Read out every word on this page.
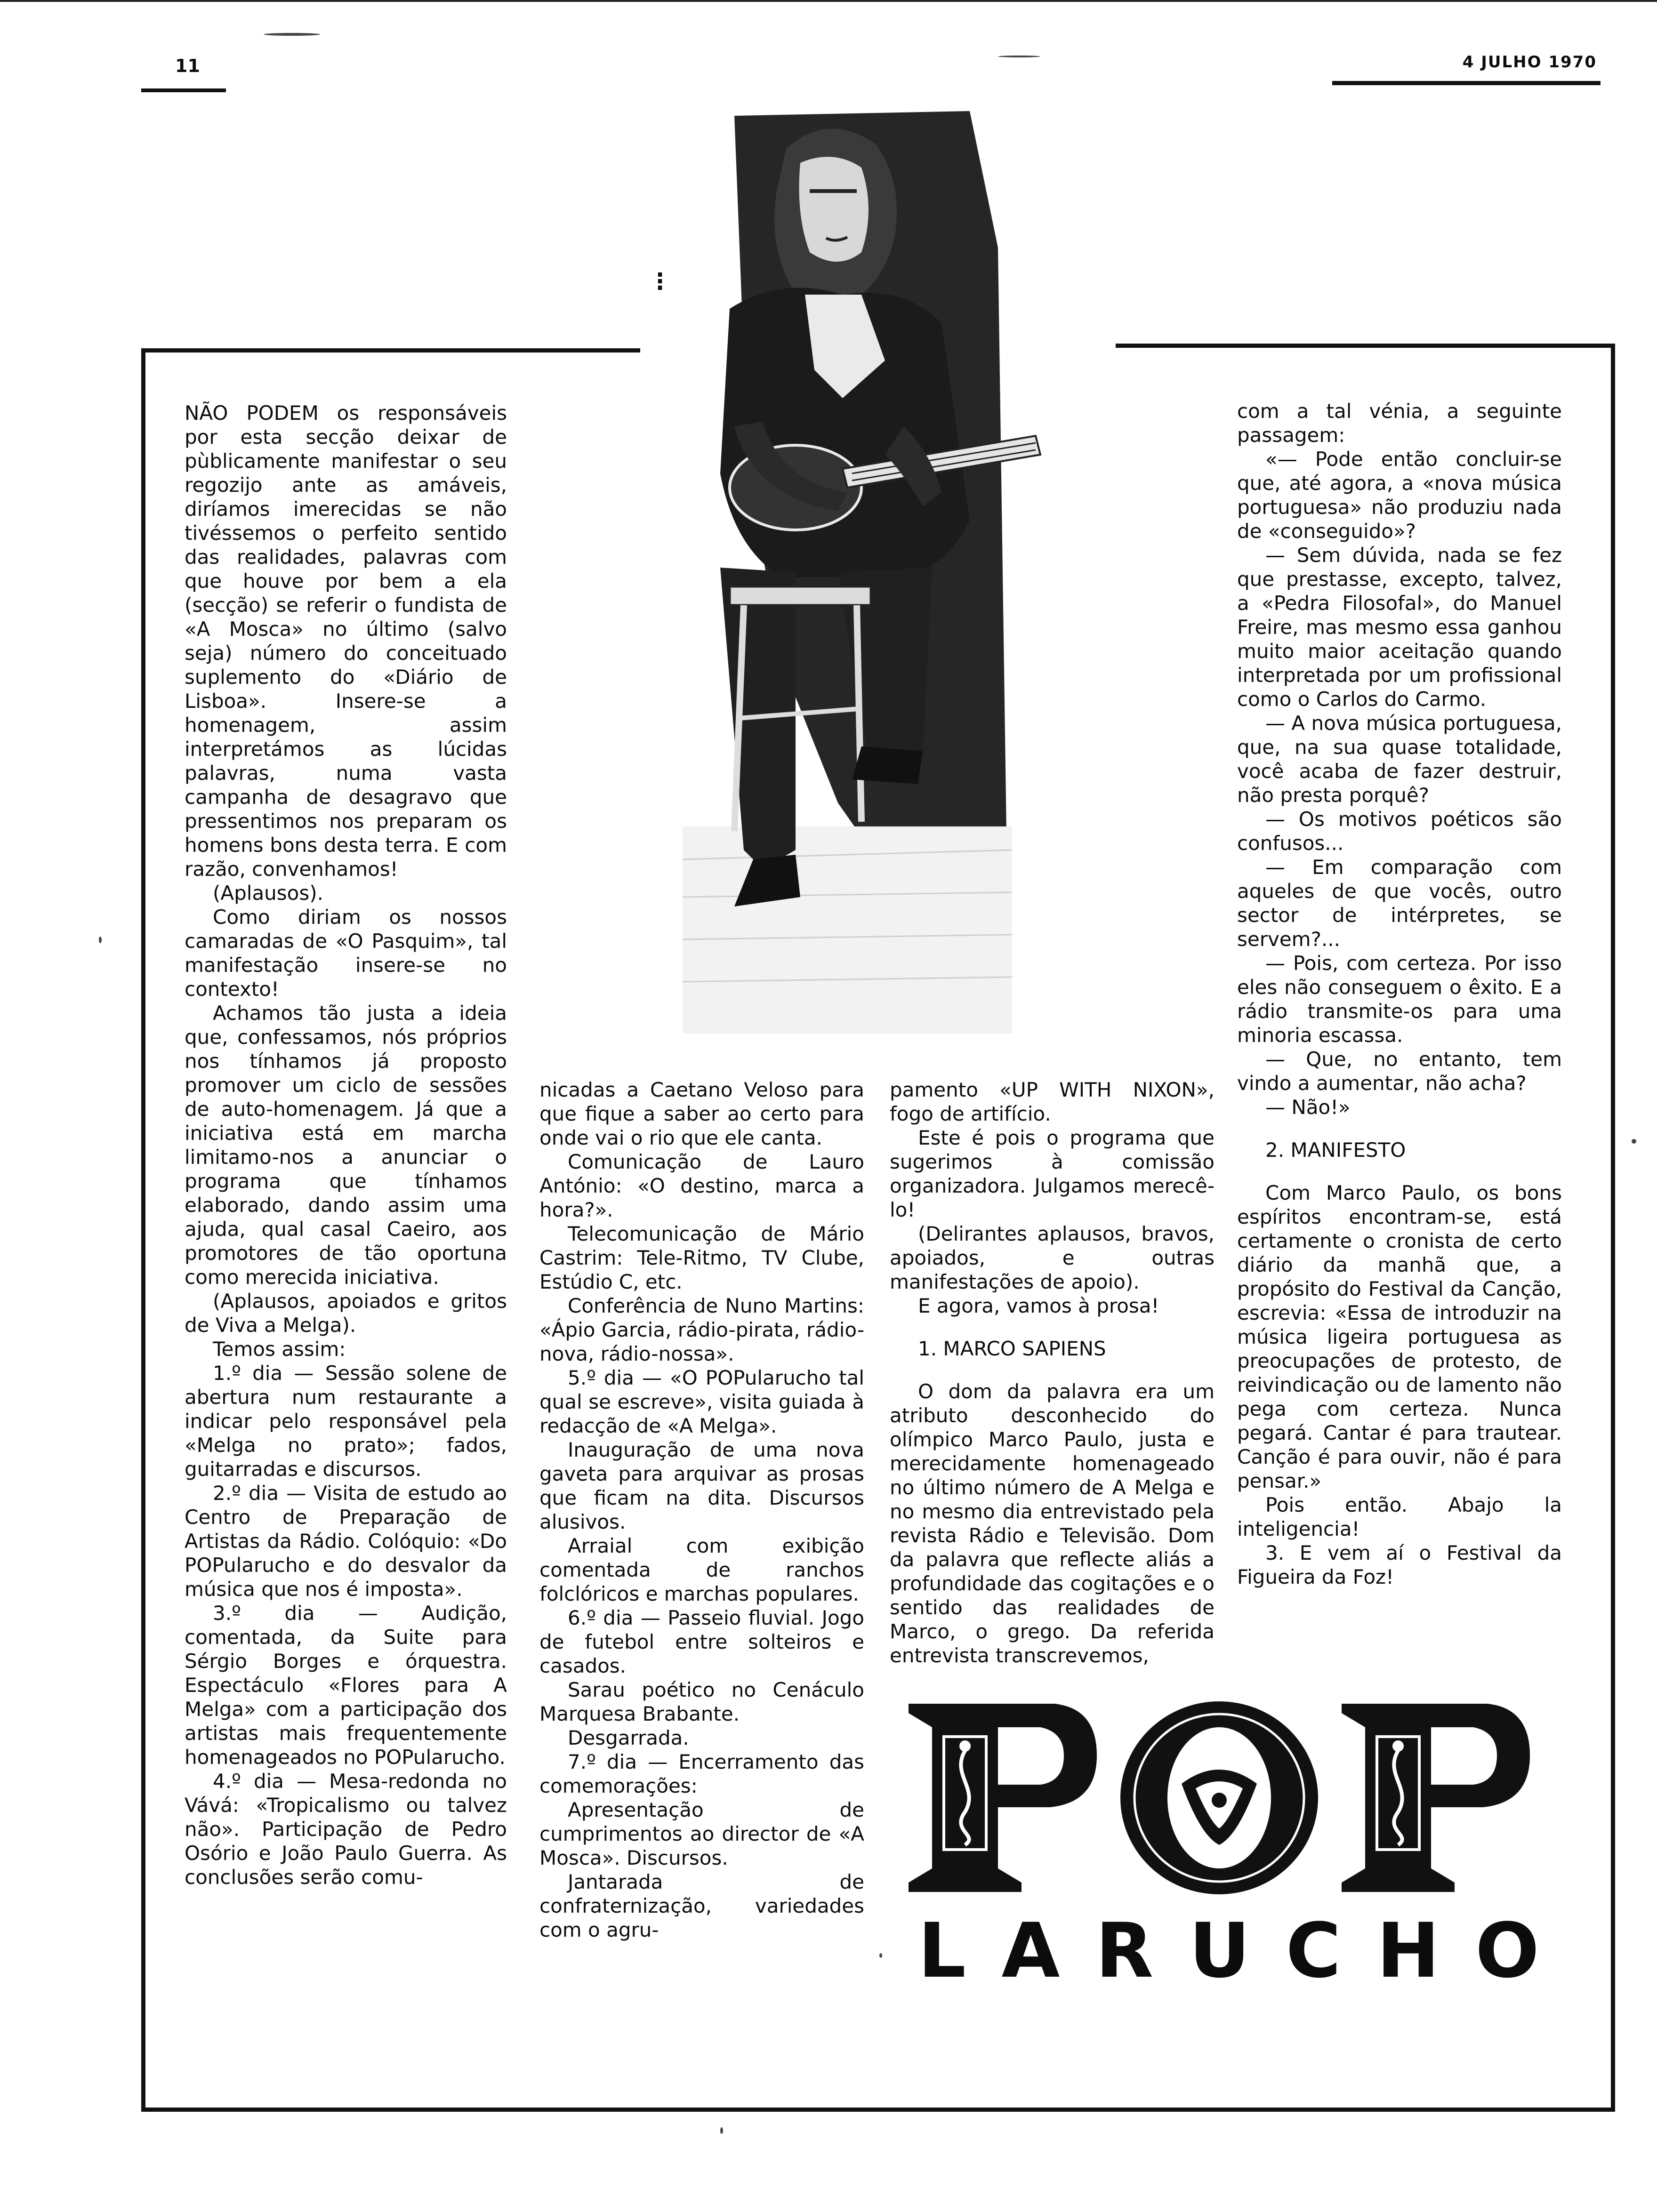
11	4 JULHO 1970
⋮

NÃO PODEM os responsáveis por esta secção deixar de pùblicamente manifestar o seu regozijo ante as amáveis, diríamos imerecidas se não tivéssemos o perfeito sentido das realidades, palavras com que houve por bem a ela (secção) se referir o fundista de «A Mosca» no último (salvo seja) número do conceituado suplemento do «Diário de Lisboa». Insere-se a homenagem, assim interpretámos as lúcidas palavras, numa vasta campanha de desagravo que pressentimos nos preparam os homens bons desta terra. E com razão, convenhamos!

(Aplausos).

Como diriam os nossos camaradas de «O Pasquim», tal manifestação insere-se no contexto!

Achamos tão justa a ideia que, confessamos, nós próprios nos tínhamos já proposto promover um ciclo de sessões de auto-homenagem. Já que a iniciativa está em marcha limitamo-nos a anunciar o programa que tínhamos elaborado, dando assim uma ajuda, qual casal Caeiro, aos promotores de tão oportuna como merecida iniciativa.

(Aplausos, apoiados e gritos de Viva a Melga).

Temos assim:

1.º dia — Sessão solene de abertura num restaurante a indicar pelo responsável pela «Melga no prato»; fados, guitarradas e discursos.

2.º dia — Visita de estudo ao Centro de Preparação de Artistas da Rádio. Colóquio: «Do POPularucho e do desvalor da música que nos é imposta».

3.º dia — Audição, comentada, da Suite para Sérgio Borges e órquestra. Espectáculo «Flores para A Melga» com a participação dos artistas mais frequentemente homenageados no POPularucho.

4.º dia — Mesa-redonda no Vává: «Tropicalismo ou talvez não». Participação de Pedro Osório e João Paulo Guerra. As conclusões serão comu-

nicadas a Caetano Veloso para que fique a saber ao certo para onde vai o rio que ele canta.

Comunicação de Lauro António: «O destino, marca a hora?».

Telecomunicação de Mário Castrim: Tele-Ritmo, TV Clube, Estúdio C, etc.

Conferência de Nuno Martins: «Ápio Garcia, rádio-pirata, rádio-nova, rádio-nossa».

5.º dia — «O POPularucho tal qual se escreve», visita guiada à redacção de «A Melga».

Inauguração de uma nova gaveta para arquivar as prosas que ficam na dita. Discursos alusivos.

Arraial com exibição comentada de ranchos folclóricos e marchas populares.

6.º dia — Passeio fluvial. Jogo de futebol entre solteiros e casados.

Sarau poético no Cenáculo Marquesa Brabante.

Desgarrada.

7.º dia — Encerramento das comemorações:

Apresentação de cumprimentos ao director de «A Mosca». Discursos.

Jantarada de confraternização, variedades com o agru-

pamento «UP WITH NIXON», fogo de artifício.

Este é pois o programa que sugerimos à comissão organizadora. Julgamos merecê-lo!

(Delirantes aplausos, bravos, apoiados, e outras manifestações de apoio).

E agora, vamos à prosa!

1. MARCO SAPIENS

O dom da palavra era um atributo desconhecido do olímpico Marco Paulo, justa e merecidamente homenageado no último número de A Melga e no mesmo dia entrevistado pela revista Rádio e Televisão. Dom da palavra que reflecte aliás a profundidade das cogitações e o sentido das realidades de Marco, o grego. Da referida entrevista transcrevemos,

com a tal vénia, a seguinte passagem:

«— Pode então concluir-se que, até agora, a «nova música portuguesa» não produziu nada de «conseguido»?

— Sem dúvida, nada se fez que prestasse, excepto, talvez, a «Pedra Filosofal», do Manuel Freire, mas mesmo essa ganhou muito maior aceitação quando interpretada por um profissional como o Carlos do Carmo.

— A nova música portuguesa, que, na sua quase totalidade, você acaba de fazer destruir, não presta porquê?

— Os motivos poéticos são confusos...

— Em comparação com aqueles de que vocês, outro sector de intérpretes, se servem?...

— Pois, com certeza. Por isso eles não conseguem o êxito. E a rádio transmite-os para uma minoria escassa.

— Que, no entanto, tem vindo a aumentar, não acha?

— Não!»

2. MANIFESTO

Com Marco Paulo, os bons espíritos encontram-se, está certamente o cronista de certo diário da manhã que, a propósito do Festival da Canção, escrevia: «Essa de introduzir na música ligeira portuguesa as preocupações de protesto, de reivindicação ou de lamento não pega com certeza. Nunca pegará. Cantar é para trautear. Canção é para ouvir, não é para pensar.»

Pois então. Abajo la inteligencia!

3. E vem aí o Festival da Figueira da Foz!

L A R U C H O
